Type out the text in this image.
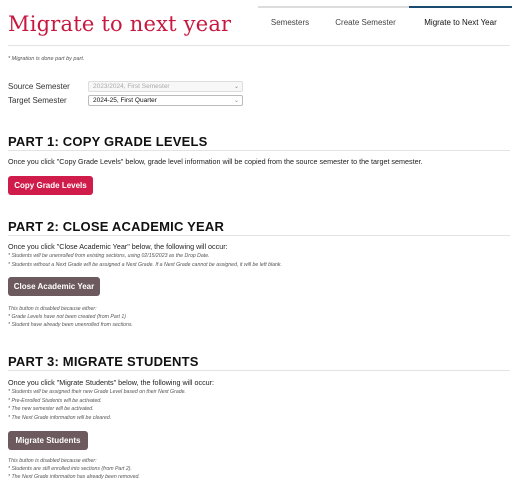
Migrate to next year	Semesters	Create Semester	Migrate to Next Year
* Migration is done part by part.
Source Semester	2023/2024, First Semester	⌄
Target Semester	2024-25, First Quarter	⌄
PART 1: COPY GRADE LEVELS
Once you click "Copy Grade Levels" below, grade level information will be copied from the source semester to the target semester.
Copy Grade Levels
PART 2: CLOSE ACADEMIC YEAR
Once you click "Close Academic Year" below, the following will occur:
* Students will be unenrolled from existing sections, using 02/15/2023 as the Drop Date.
* Students without a Next Grade will be assigned a Next Grade. If a Next Grade cannot be assigned, it will be left blank.
Close Academic Year
This button is disabled because either:
* Grade Levels have not been created (from Part 1)
* Student have already been unenrolled from sections.
PART 3: MIGRATE STUDENTS
Once you click "Migrate Students" below, the following will occur:
* Students will be assigned their new Grade Level based on their Next Grade.
* Pre-Enrolled Students will be activated.
* The new semester will be activated.
* The Next Grade information will be cleared.
Migrate Students
This button is disabled because either:
* Students are still enrolled into sections (from Part 2).
* The Next Grade information has already been removed.
